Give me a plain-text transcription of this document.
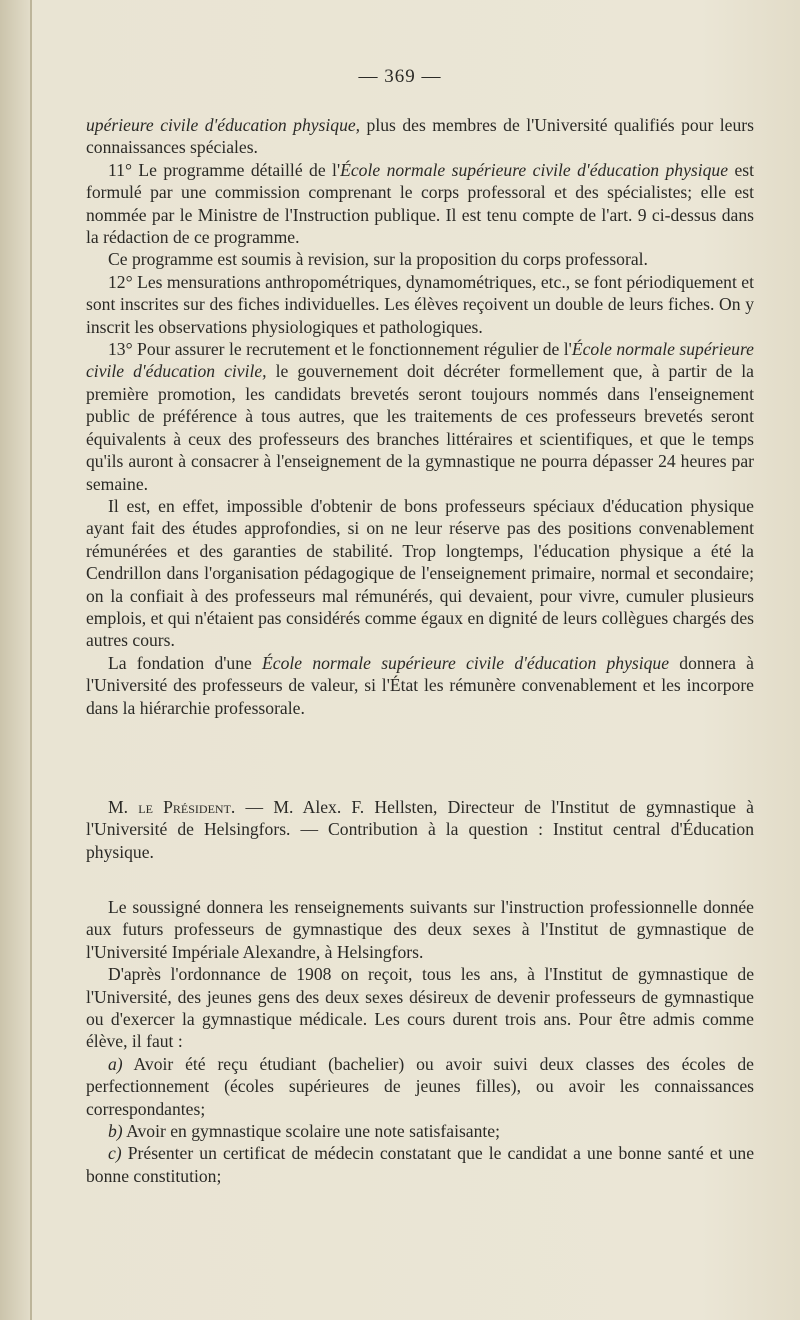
— 369 —

upérieure civile d'éducation physique, plus des membres de l'Université qualifiés pour leurs connaissances spéciales.

11° Le programme détaillé de l'École normale supérieure civile d'éducation physique est formulé par une commission comprenant le corps professoral et des spécialistes; elle est nommée par le Ministre de l'Instruction publique. Il est tenu compte de l'art. 9 ci-dessus dans la rédaction de ce programme.

Ce programme est soumis à revision, sur la proposition du corps professoral.

12° Les mensurations anthropométriques, dynamométriques, etc., se font périodiquement et sont inscrites sur des fiches individuelles. Les élèves reçoivent un double de leurs fiches. On y inscrit les observations physiologiques et pathologiques.

13° Pour assurer le recrutement et le fonctionnement régulier de l'École normale supérieure civile d'éducation civile, le gouvernement doit décréter formellement que, à partir de la première promotion, les candidats brevetés seront toujours nommés dans l'enseignement public de préférence à tous autres, que les traitements de ces professeurs brevetés seront équivalents à ceux des professeurs des branches littéraires et scientifiques, et que le temps qu'ils auront à consacrer à l'enseignement de la gymnastique ne pourra dépasser 24 heures par semaine.

Il est, en effet, impossible d'obtenir de bons professeurs spéciaux d'éducation physique ayant fait des études approfondies, si on ne leur réserve pas des positions convenablement rémunérées et des garanties de stabilité. Trop longtemps, l'éducation physique a été la Cendrillon dans l'organisation pédagogique de l'enseignement primaire, normal et secondaire; on la confiait à des professeurs mal rémunérés, qui devaient, pour vivre, cumuler plusieurs emplois, et qui n'étaient pas considérés comme égaux en dignité de leurs collègues chargés des autres cours.

La fondation d'une École normale supérieure civile d'éducation physique donnera à l'Université des professeurs de valeur, si l'État les rémunère convenablement et les incorpore dans la hiérarchie professorale.

M. le Président. — M. Alex. F. Hellsten, Directeur de l'Institut de gymnastique à l'Université de Helsingfors. — Contribution à la question : Institut central d'Éducation physique.

Le soussigné donnera les renseignements suivants sur l'instruction professionnelle donnée aux futurs professeurs de gymnastique des deux sexes à l'Institut de gymnastique de l'Université Impériale Alexandre, à Helsingfors.

D'après l'ordonnance de 1908 on reçoit, tous les ans, à l'Institut de gymnastique de l'Université, des jeunes gens des deux sexes désireux de devenir professeurs de gymnastique ou d'exercer la gymnastique médicale. Les cours durent trois ans. Pour être admis comme élève, il faut :

a) Avoir été reçu étudiant (bachelier) ou avoir suivi deux classes des écoles de perfectionnement (écoles supérieures de jeunes filles), ou avoir les connaissances correspondantes;

b) Avoir en gymnastique scolaire une note satisfaisante;

c) Présenter un certificat de médecin constatant que le candidat a une bonne santé et une bonne constitution;
